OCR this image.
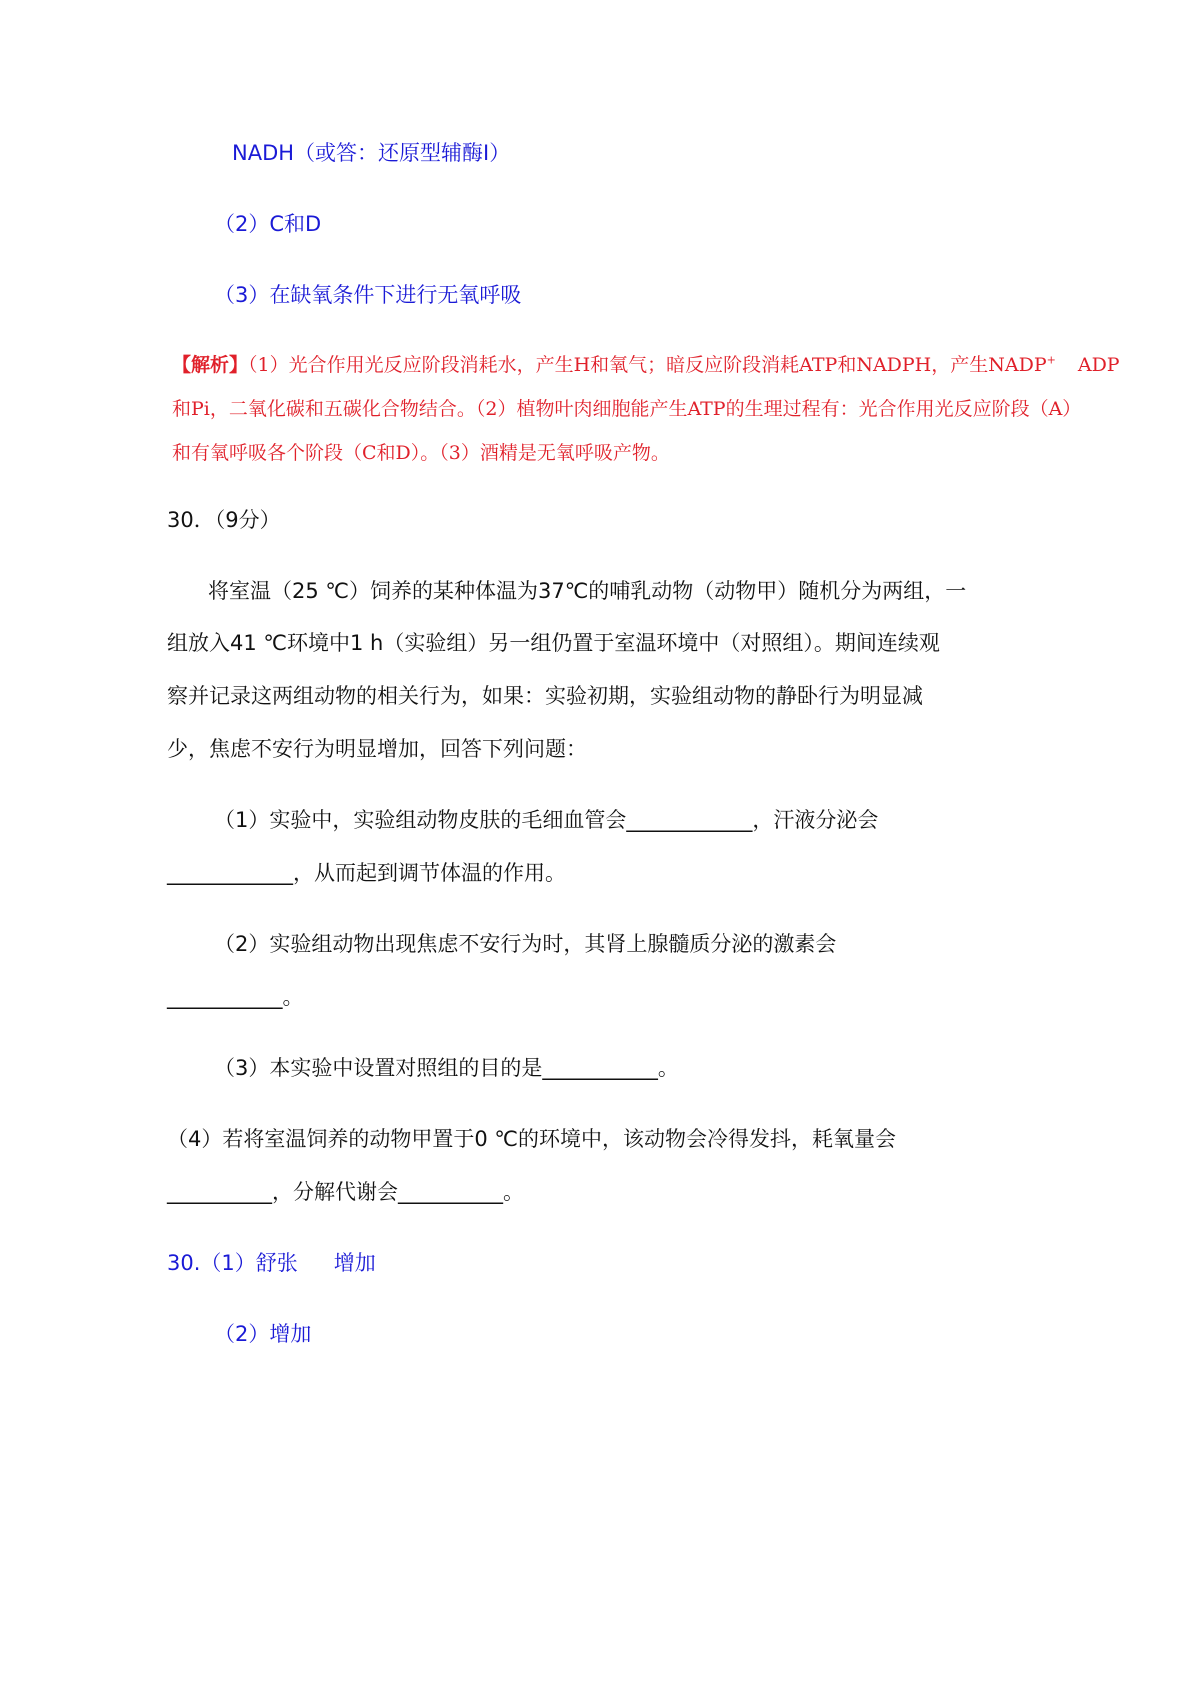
NADH（或答：还原型辅酶Ⅰ）
（2）C和D
（3）在缺氧条件下进行无氧呼吸
【解析】（1）光合作用光反应阶段消耗水，产生H和氧气；暗反应阶段消耗ATP和NADPH，产生NADP+ ADP
和Pi，二氧化碳和五碳化合物结合。（2）植物叶肉细胞能产生ATP的生理过程有：光合作用光反应阶段（A）
和有氧呼吸各个阶段（C和D）。（3）酒精是无氧呼吸产物。
30．（9分）
将室温（25 ℃）饲养的某种体温为37℃的哺乳动物（动物甲）随机分为两组，一
组放入41 ℃环境中1 h（实验组）另一组仍置于室温环境中（对照组）。期间连续观
察并记录这两组动物的相关行为，如果：实验初期，实验组动物的静卧行为明显减
少，焦虑不安行为明显增加，回答下列问题：
（1）实验中，实验组动物皮肤的毛细血管会____________，汗液分泌会
____________，从而起到调节体温的作用。
（2）实验组动物出现焦虑不安行为时，其肾上腺髓质分泌的激素会
___________。
（3）本实验中设置对照组的目的是___________。
（4）若将室温饲养的动物甲置于0 ℃的环境中，该动物会冷得发抖，耗氧量会
__________，分解代谢会__________。
30.（1）舒张 增加
（2）增加
